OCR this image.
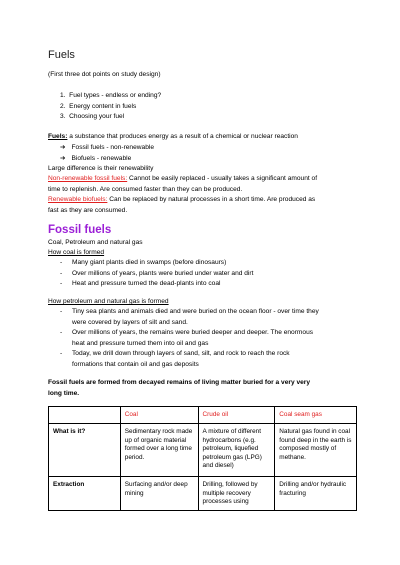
Fuels
(First three dot points on study design)
1.  Fuel types - endless or ending?
2.  Energy content in fuels
3.  Choosing your fuel
Fuels: a substance that produces energy as a result of a chemical or nuclear reaction
➔ Fossil fuels - non-renewable
➔ Biofuels - renewable
Large difference is their renewability
Non-renewable fossil fuels: Cannot be easily replaced - usually takes a significant amount of
time to replenish. Are consumed faster than they can be produced.
Renewable biofuels: Can be replaced by natural processes in a short time. Are produced as
fast as they are consumed.
Fossil fuels
Coal, Petroleum and natural gas
How coal is formed
- Many giant plants died in swamps (before dinosaurs)
- Over millions of years, plants were buried under water and dirt
- Heat and pressure turned the dead-plants into coal
How petroleum and natural gas is formed
- Tiny sea plants and animals died and were buried on the ocean floor - over time they
were covered by layers of silt and sand.
- Over millions of years, the remains were buried deeper and deeper. The enormous
heat and pressure turned them into oil and gas
- Today, we drill down through layers of sand, silt, and rock to reach the rock
formations that contain oil and gas deposits
Fossil fuels are formed from decayed remains of living matter buried for a very very
long time.
	Coal	Crude oil	Coal seam gas
What is it?	Sedimentary rock made up of organic material formed over a long time period.	A mixture of different hydrocarbons (e.g. petroleum, liquefied petroleum gas (LPG) and diesel)	Natural gas found in coal found deep in the earth is composed mostly of methane.
Extraction	Surfacing and/or deep mining	Drilling, followed by multiple recovery processes using	Drilling and/or hydraulic fracturing
